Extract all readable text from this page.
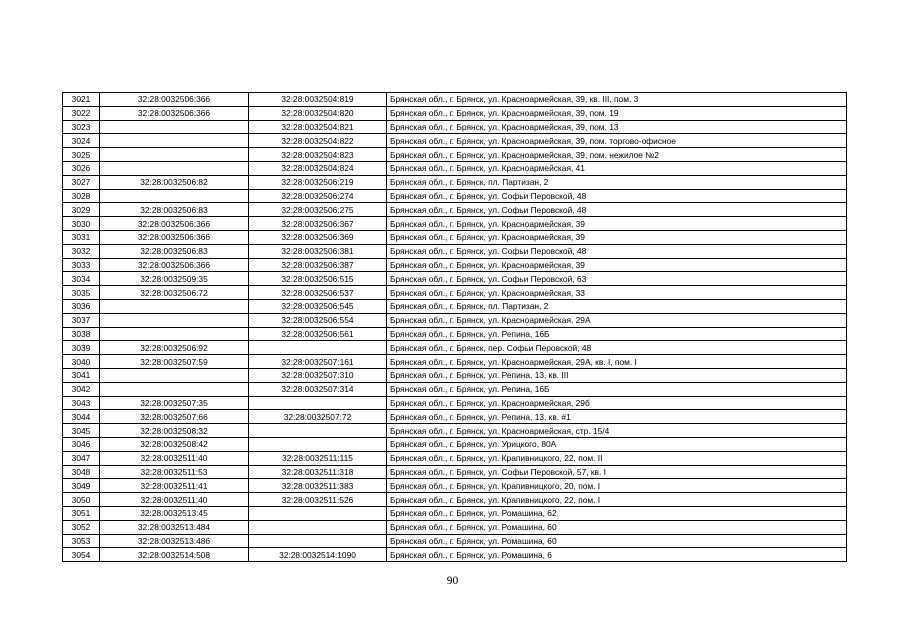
3021	32:28:0032506:366	32:28:0032504:819	Брянская обл., г. Брянск, ул. Красноармейская, 39, кв. III, пом. 3
3022	32:28:0032506:366	32:28:0032504:820	Брянская обл., г. Брянск, ул. Красноармейская, 39, пом. 19
3023		32:28:0032504:821	Брянская обл., г. Брянск, ул. Красноармейская, 39, пом. 13
3024		32:28:0032504:822	Брянская обл., г. Брянск, ул. Красноармейская, 39, пом. торгово-офисное
3025		32:28:0032504:823	Брянская обл., г. Брянск, ул. Красноармейская, 39, пом. нежилое №2
3026		32:28:0032504:824	Брянская обл., г. Брянск, ул. Красноармейская, 41
3027	32:28:0032506:82	32:28:0032506:219	Брянская обл., г. Брянск, пл. Партизан, 2
3028		32:28:0032506:274	Брянская обл., г. Брянск, ул. Софьи Перовской, 48
3029	32:28:0032506:83	32:28:0032506:275	Брянская обл., г. Брянск, ул. Софьи Перовской, 48
3030	32:28:0032506:366	32:28:0032506:367	Брянская обл., г. Брянск, ул. Красноармейская, 39
3031	32:28:0032506:366	32:28:0032506:369	Брянская обл., г. Брянск, ул. Красноармейская, 39
3032	32:28:0032506:83	32:28:0032506:381	Брянская обл., г. Брянск, ул. Софьи Перовской, 48
3033	32:28:0032506:366	32:28:0032506:387	Брянская обл., г. Брянск, ул. Красноармейская, 39
3034	32:28:0032509:35	32:28:0032506:515	Брянская обл., г. Брянск, ул. Софьи Перовской, 63
3035	32:28:0032506:72	32:28:0032506:537	Брянская обл., г. Брянск, ул. Красноармейская, 33
3036		32:28:0032506:545	Брянская обл., г. Брянск, пл. Партизан, 2
3037		32:28:0032506:554	Брянская обл., г. Брянск, ул. Красноармейская, 29А
3038		32:28:0032506:561	Брянская обл., г. Брянск, ул. Репина, 16Б
3039	32:28:0032506:92		Брянская обл., г. Брянск, пер. Софьи Перовской, 48
3040	32:28:0032507:59	32:28:0032507:161	Брянская обл., г. Брянск, ул. Красноармейская, 29А, кв. I, пом. I
3041		32:28:0032507:310	Брянская обл., г. Брянск, ул. Репина, 13, кв. III
3042		32:28:0032507:314	Брянская обл., г. Брянск, ул. Репина, 16Б
3043	32:28:0032507:35		Брянская обл., г. Брянск, ул. Красноармейская, 29б
3044	32:28:0032507:66	32:28:0032507:72	Брянская обл., г. Брянск, ул. Репина, 13, кв. #1
3045	32:28:0032508:32		Брянская обл., г. Брянск, ул. Красноармейская, стр. 15/4
3046	32:28:0032508:42		Брянская обл., г. Брянск, ул. Урицкого, 80А
3047	32:28:0032511:40	32:28:0032511:115	Брянская обл., г. Брянск, ул. Крапивницкого, 22, пом. II
3048	32:28:0032511:53	32:28:0032511:318	Брянская обл., г. Брянск, ул. Софьи Перовской, 57, кв. I
3049	32:28:0032511:41	32:28:0032511:383	Брянская обл., г. Брянск, ул. Крапивницкого, 20, пом. I
3050	32:28:0032511:40	32:28:0032511:526	Брянская обл., г. Брянск, ул. Крапивницкого, 22, пом. I
3051	32:28:0032513:45		Брянская обл., г. Брянск, ул. Ромашина, 62
3052	32:28:0032513:484		Брянская обл., г. Брянск, ул. Ромашина, 60
3053	32:28:0032513:486		Брянская обл., г. Брянск, ул. Ромашина, 60
3054	32:28:0032514:508	32:28:0032514:1090	Брянская обл., г. Брянск, ул. Ромашина, 6
90
